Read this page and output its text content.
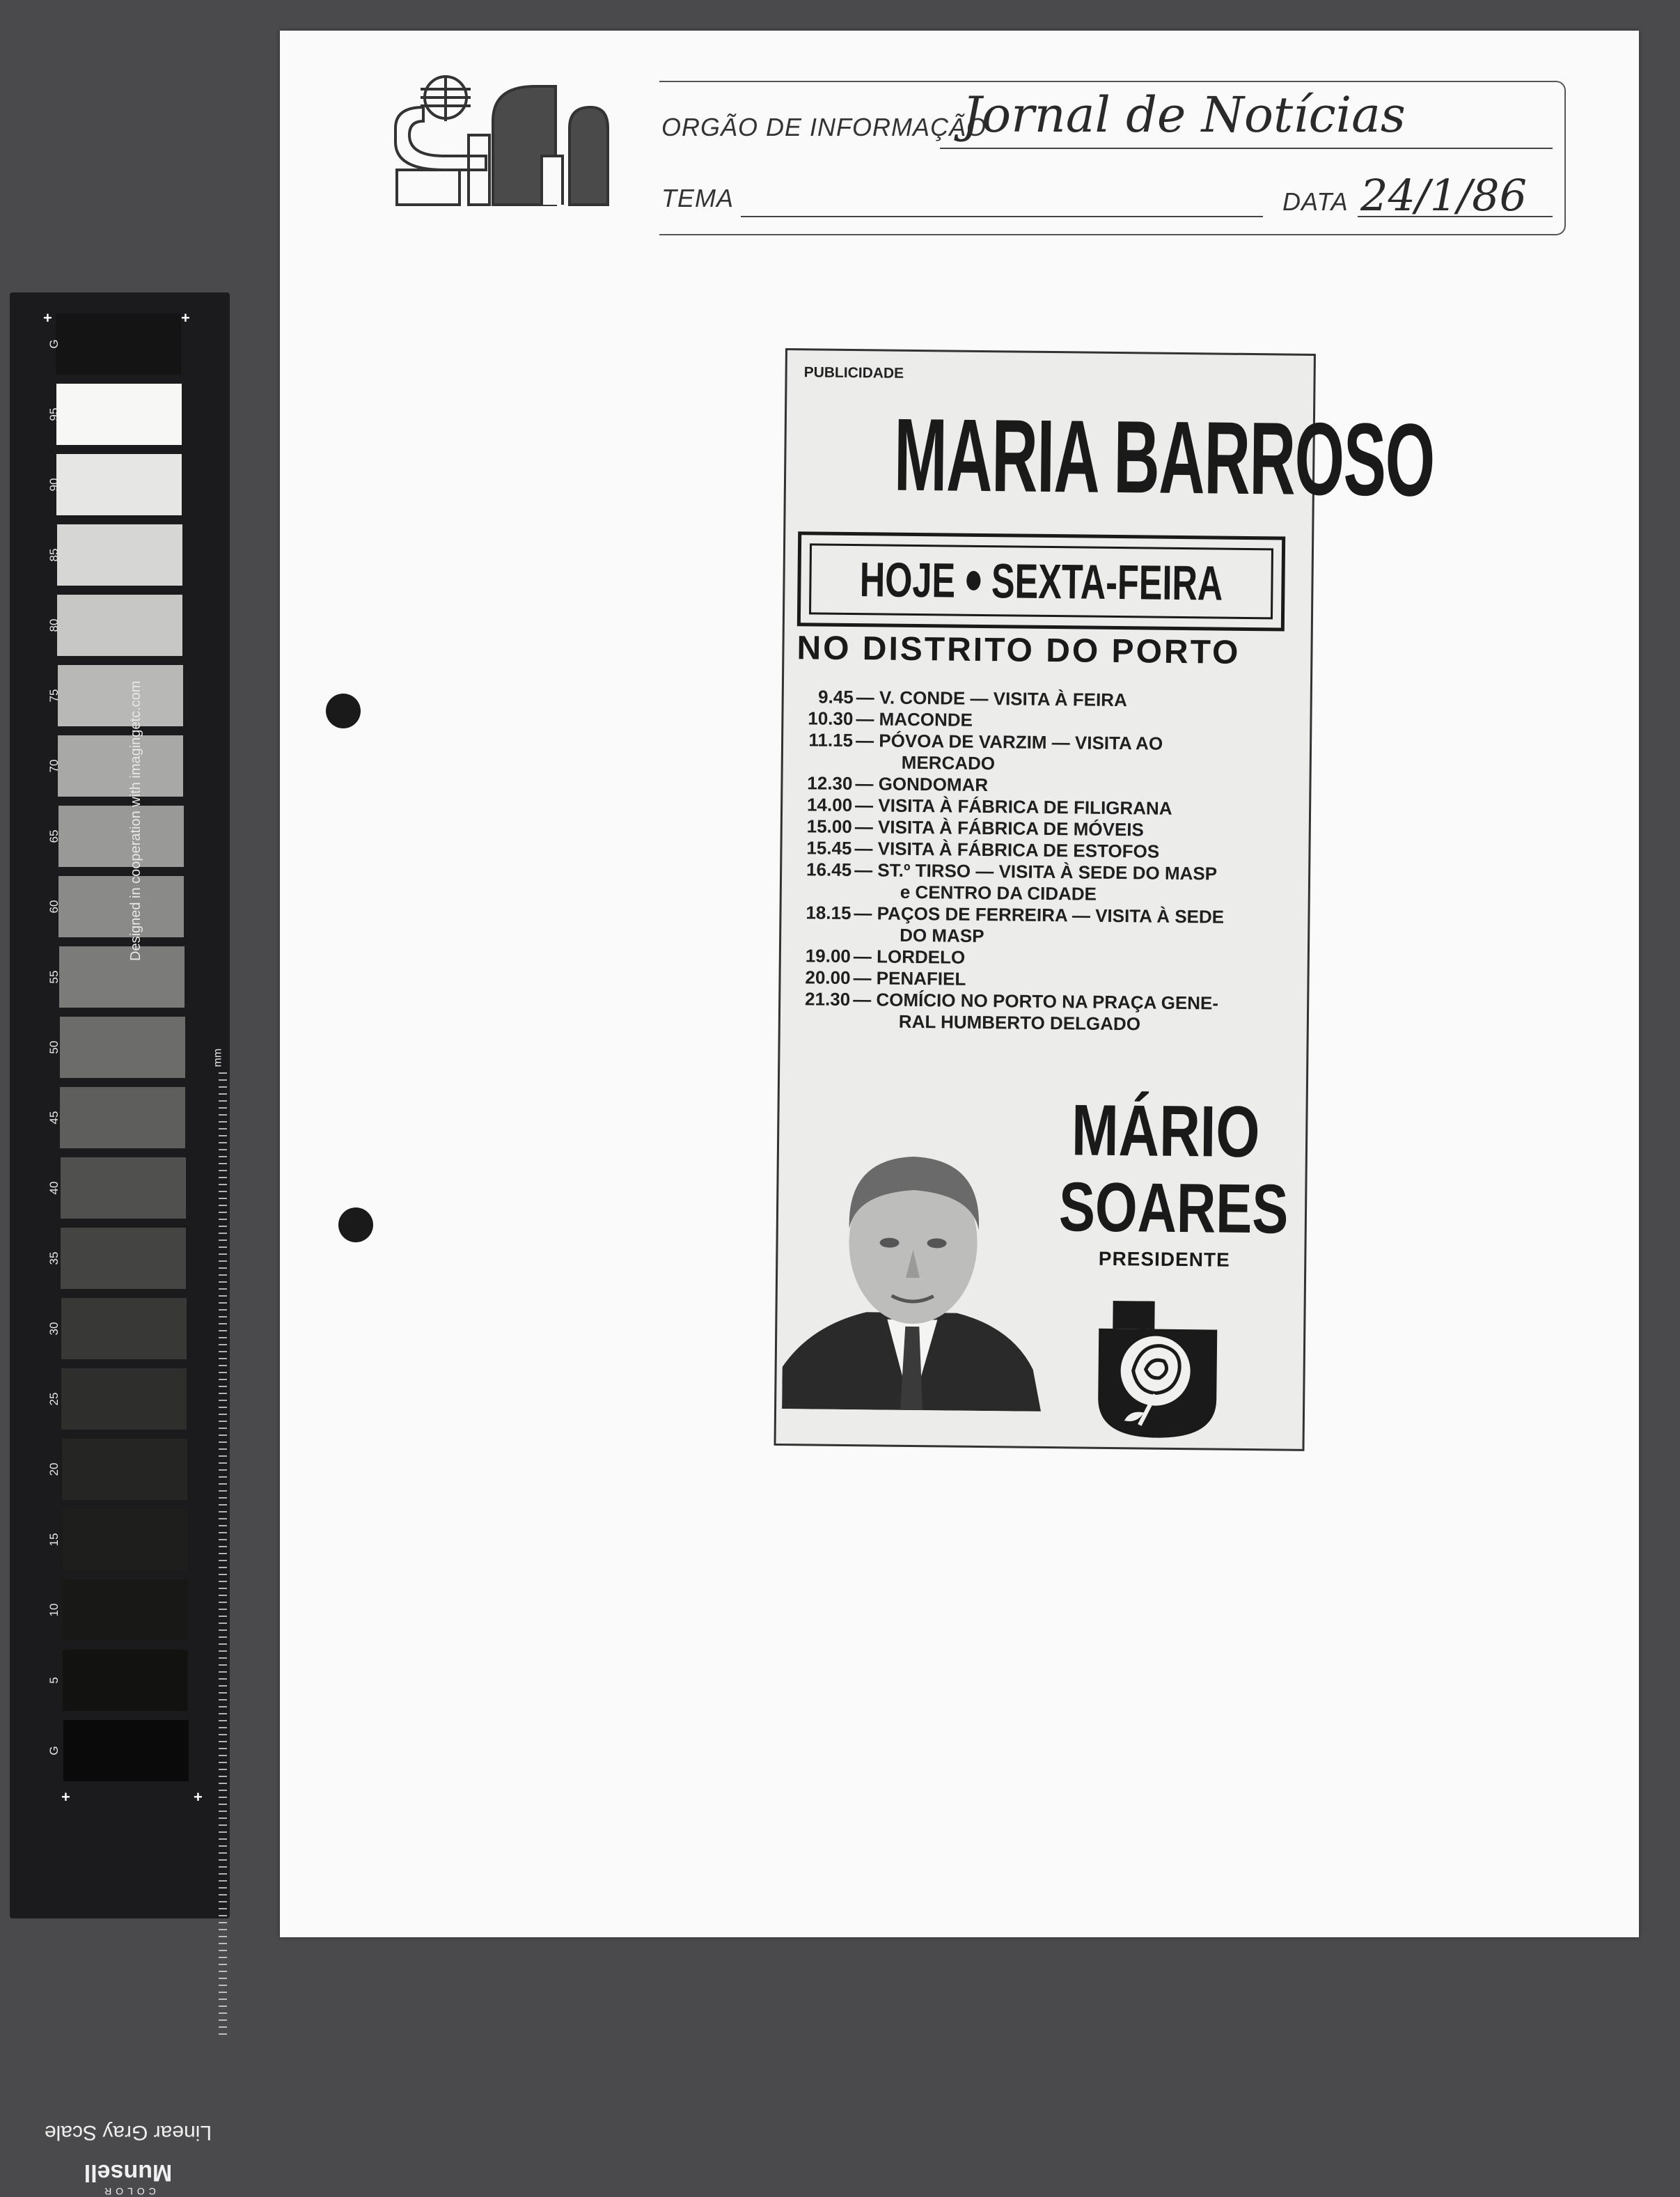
G
95
90
85
80
75
70
65
60
55
50
45
40
35
30
25
20
15
10
5
G
+	+
+	+
Designed in cooperation with imagingetc.com
mm
Linear Gray Scale
COLOR
Munsell
ORGÃO DE INFORMAÇÃO
Jornal de Notícias
TEMA	DATA 24/1/86
PUBLICIDADE
MARIA BARROSO
HOJE SEXTA-FEIRA
NO DISTRITO DO PORTO
9.45 — V. CONDE — VISITA À FEIRA
10.30 — MACONDE
11.15 — PÓVOA DE VARZIM — VISITA AO
MERCADO
12.30 — GONDOMAR
14.00 — VISITA À FÁBRICA DE FILIGRANA
15.00 — VISITA À FÁBRICA DE MÓVEIS
15.45 — VISITA À FÁBRICA DE ESTOFOS
16.45 — ST.º TIRSO — VISITA À SEDE DO MASP
e CENTRO DA CIDADE
18.15 — PAÇOS DE FERREIRA — VISITA À SEDE
DO MASP
19.00 — LORDELO
20.00 — PENAFIEL
21.30 — COMÍCIO NO PORTO NA PRAÇA GENE-
RAL HUMBERTO DELGADO
MÁRIO
SOARES
PRESIDENTE
